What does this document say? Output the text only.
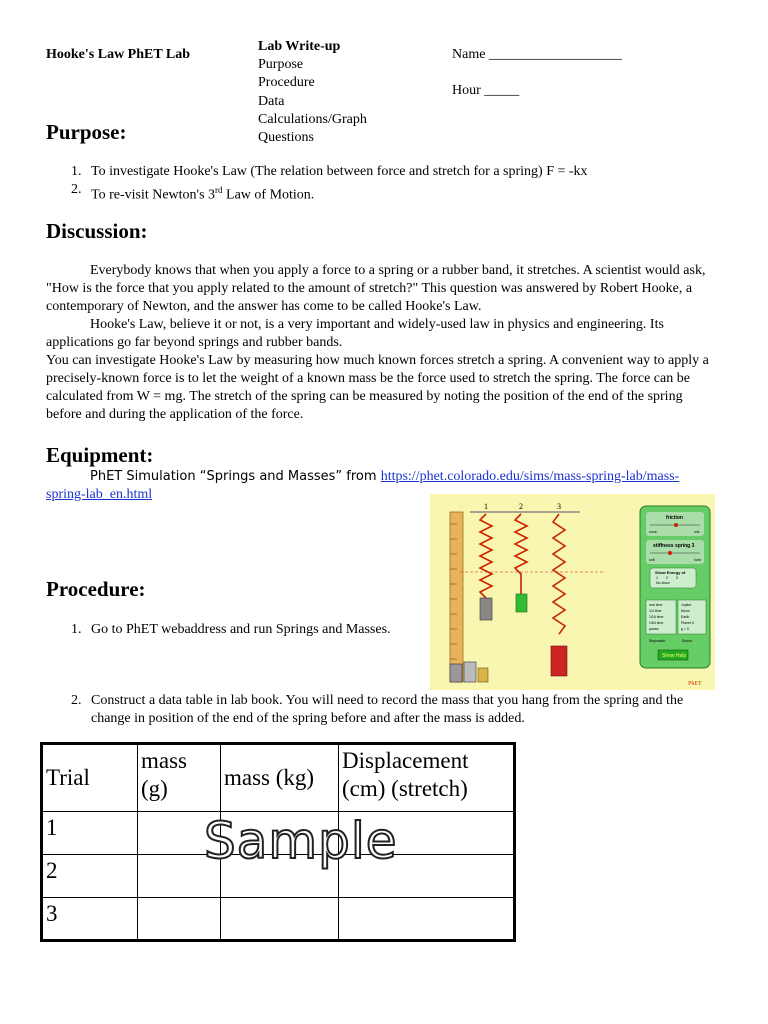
Hooke's Law PhET Lab
Lab Write-up
Purpose
Procedure
Data
Calculations/Graph
Questions
Name ___________________
Hour _____
Purpose:
1. To investigate Hooke's Law (The relation between force and stretch for a spring) F = -kx
2. To re-visit Newton's 3rd Law of Motion.
Discussion:

Everybody knows that when you apply a force to a spring or a rubber band, it stretches. A scientist would ask, "How is the force that you apply related to the amount of stretch?" This question was answered by Robert Hooke, a contemporary of Newton, and the answer has come to be called Hooke's Law.

Hooke's Law, believe it or not, is a very important and widely-used law in physics and engineering. Its applications go far beyond springs and rubber bands.

You can investigate Hooke's Law by measuring how much known forces stretch a spring. A convenient way to apply a precisely-known force is to let the weight of a known mass be the force used to stretch the spring. The force can be calculated from W = mg. The stretch of the spring can be measured by noting the position of the end of the spring before and during the application of the force.

Equipment:
PhET Simulation “Springs and Masses” from https://phet.colorado.edu/sims/mass-spring-lab/mass-spring-lab_en.html
1	2	3
friction
none	lots
stiffness spring 3
soft	hard
Show Energy of
1 2 3
No show
real time
1/4 time
1/16 time
1/64 time
pause
Jupiter
Moon
Earth
Planet X
g = 0
Stopwatch	Sound
Show Help
PhET
Procedure:
1. Go to PhET webaddress and run Springs and Masses.
2. Construct a data table in lab book. You will need to record the mass that you hang from the spring and the change in position of the end of the spring before and after the mass is added.
Trial	mass (g)	mass (kg)	Displacement (cm) (stretch)
1			
2			
3			
Sample
